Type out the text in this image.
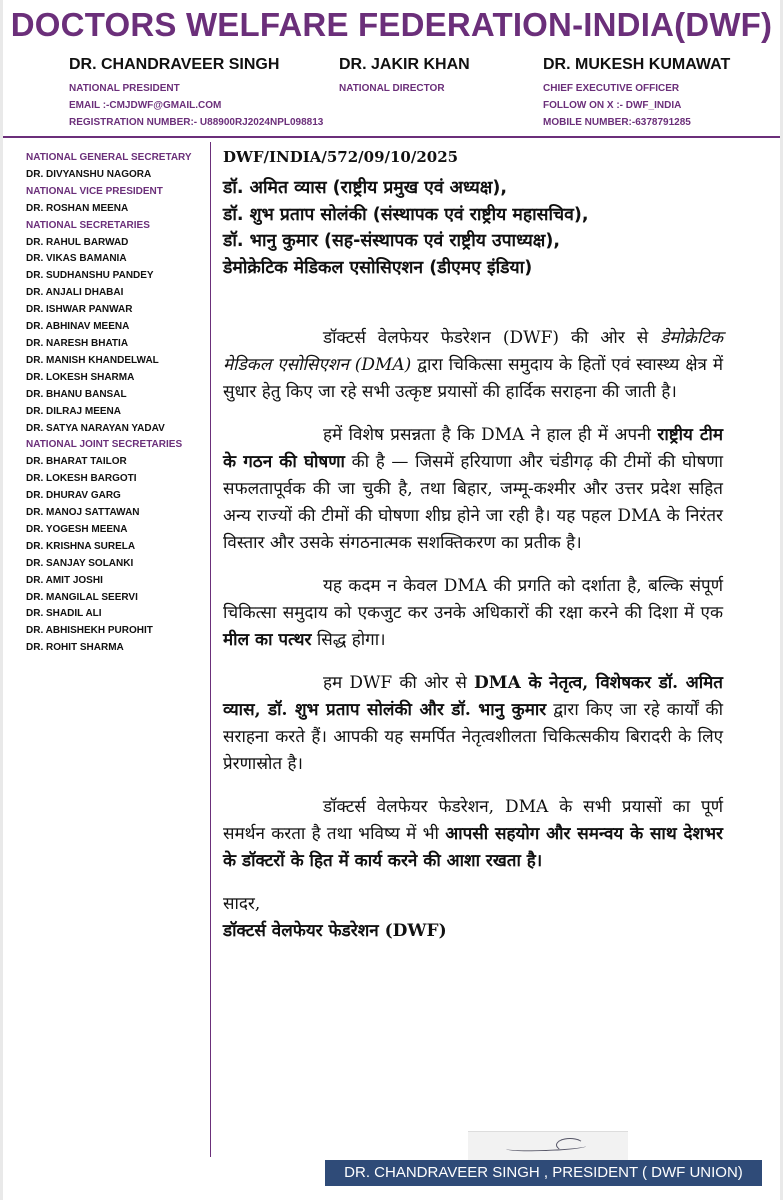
DOCTORS WELFARE FEDERATION-INDIA(DWF)
DR. CHANDRAVEER SINGH
NATIONAL PRESIDENT
EMAIL :-CMJDWF@GMAIL.COM
REGISTRATION NUMBER:- U88900RJ2024NPL098813
DR. JAKIR KHAN
NATIONAL DIRECTOR
DR. MUKESH KUMAWAT
CHIEF EXECUTIVE OFFICER
FOLLOW ON X :- DWF_INDIA
MOBILE NUMBER:-6378791285
NATIONAL GENERAL SECRETARY
DR. DIVYANSHU NAGORA
NATIONAL VICE PRESIDENT
DR. ROSHAN MEENA
NATIONAL SECRETARIES
DR. RAHUL BARWAD
DR. VIKAS BAMANIA
DR. SUDHANSHU PANDEY
DR. ANJALI DHABAI
DR. ISHWAR PANWAR
DR. ABHINAV MEENA
DR. NARESH BHATIA
DR. MANISH KHANDELWAL
DR. LOKESH SHARMA
DR. BHANU BANSAL
DR. DILRAJ MEENA
DR. SATYA NARAYAN YADAV
NATIONAL JOINT SECRETARIES
DR. BHARAT TAILOR
DR. LOKESH BARGOTI
DR. DHURAV GARG
DR. MANOJ SATTAWAN
DR. YOGESH MEENA
DR. KRISHNA SURELA
DR. SANJAY SOLANKI
DR. AMIT JOSHI
DR. MANGILAL SEERVI
DR. SHADIL ALI
DR. ABHISHEKH PUROHIT
DR. ROHIT SHARMA
DWF/INDIA/572/09/10/2025
डॉ. अमित व्यास (राष्ट्रीय प्रमुख एवं अध्यक्ष),
डॉ. शुभ प्रताप सोलंकी (संस्थापक एवं राष्ट्रीय महासचिव),
डॉ. भानु कुमार (सह-संस्थापक एवं राष्ट्रीय उपाध्यक्ष),
डेमोक्रेटिक मेडिकल एसोसिएशन (डीएमए इंडिया)

डॉक्टर्स वेलफेयर फेडरेशन (DWF) की ओर से डेमोक्रेटिक मेडिकल एसोसिएशन (DMA) द्वारा चिकित्सा समुदाय के हितों एवं स्वास्थ्य क्षेत्र में सुधार हेतु किए जा रहे सभी उत्कृष्ट प्रयासों की हार्दिक सराहना की जाती है।

हमें विशेष प्रसन्नता है कि DMA ने हाल ही में अपनी राष्ट्रीय टीम के गठन की घोषणा की है — जिसमें हरियाणा और चंडीगढ़ की टीमों की घोषणा सफलतापूर्वक की जा चुकी है, तथा बिहार, जम्मू-कश्मीर और उत्तर प्रदेश सहित अन्य राज्यों की टीमों की घोषणा शीघ्र होने जा रही है। यह पहल DMA के निरंतर विस्तार और उसके संगठनात्मक सशक्तिकरण का प्रतीक है।

यह कदम न केवल DMA की प्रगति को दर्शाता है, बल्कि संपूर्ण चिकित्सा समुदाय को एकजुट कर उनके अधिकारों की रक्षा करने की दिशा में एक मील का पत्थर सिद्ध होगा।

हम DWF की ओर से DMA के नेतृत्व, विशेषकर डॉ. अमित व्यास, डॉ. शुभ प्रताप सोलंकी और डॉ. भानु कुमार द्वारा किए जा रहे कार्यों की सराहना करते हैं। आपकी यह समर्पित नेतृत्वशीलता चिकित्सकीय बिरादरी के लिए प्रेरणास्रोत है।

डॉक्टर्स वेलफेयर फेडरेशन, DMA के सभी प्रयासों का पूर्ण समर्थन करता है तथा भविष्य में भी आपसी सहयोग और समन्वय के साथ देशभर के डॉक्टरों के हित में कार्य करने की आशा रखता है।

सादर,
डॉक्टर्स वेलफेयर फेडरेशन (DWF)
DR. CHANDRAVEER SINGH , PRESIDENT ( DWF UNION)
